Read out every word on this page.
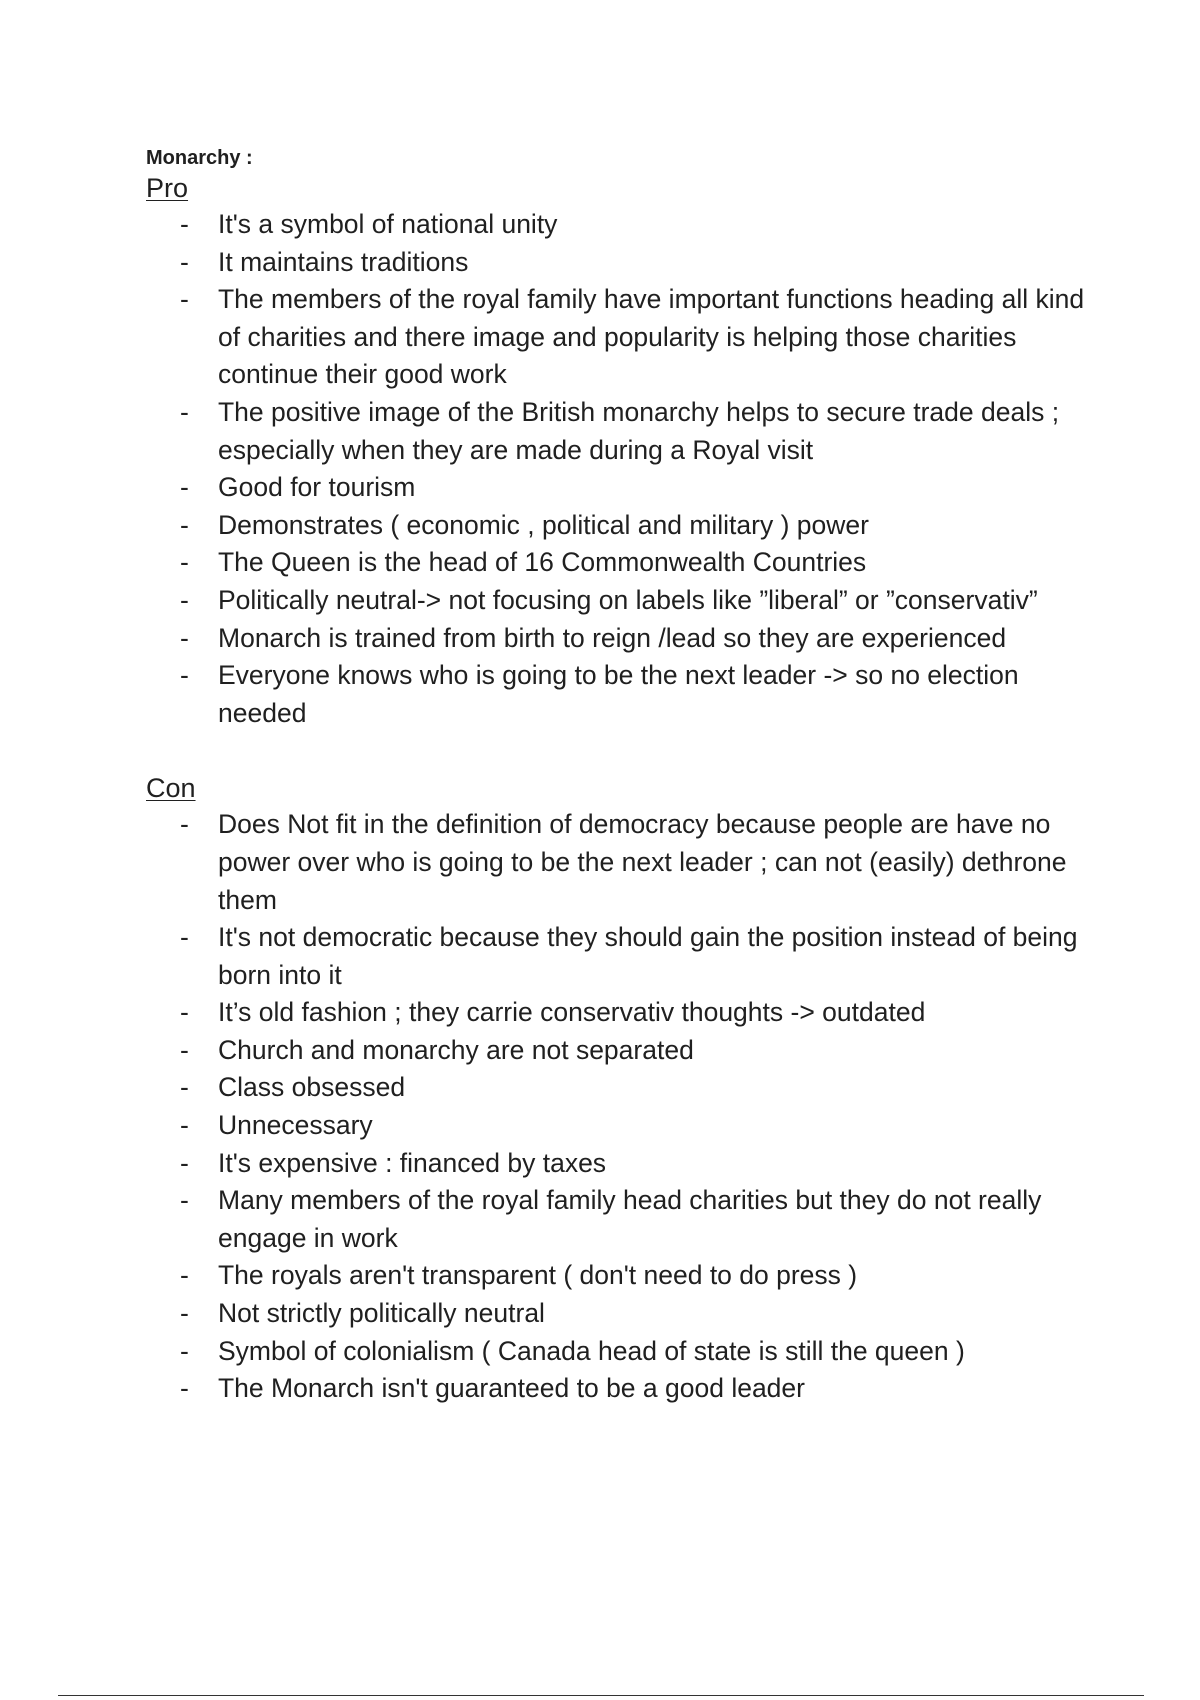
Monarchy :

Pro

- It's a symbol of national unity
- It maintains traditions
- The members of the royal family have important functions heading all kind of charities and there image and popularity is helping those charities continue their good work
- The positive image of the British monarchy helps to secure trade deals ; especially when they are made during a Royal visit
- Good for tourism
- Demonstrates ( economic , political and military ) power
- The Queen is the head of 16 Commonwealth Countries
- Politically neutral-> not focusing on labels like ”liberal” or ”conservativ”
- Monarch is trained from birth to reign /lead so they are experienced
- Everyone knows who is going to be the next leader -> so no election needed

Con

- Does Not fit in the definition of democracy because people are have no power over who is going to be the next leader ; can not (easily) dethrone them
- It's not democratic because they should gain the position instead of being born into it
- It’s old fashion ; they carrie conservativ thoughts -> outdated
- Church and monarchy are not separated
- Class obsessed
- Unnecessary
- It's expensive : financed by taxes
- Many members of the royal family head charities but they do not really engage in work
- The royals aren't transparent ( don't need to do press )
- Not strictly politically neutral
- Symbol of colonialism ( Canada head of state is still the queen )
- The Monarch isn't guaranteed to be a good leader
